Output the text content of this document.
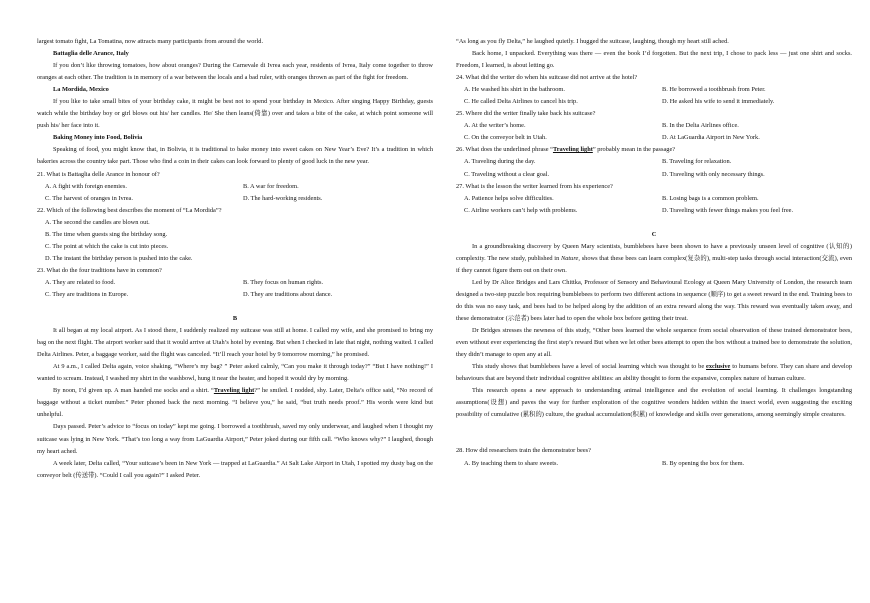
largest tomato fight, La Tomatina, now attracts many participants from around the world.

Battaglia delle Arance, Italy

If you don’t like throwing tomatoes, how about oranges? During the Carnevale di Ivrea each year, residents of Ivrea, Italy come together to throw oranges at each other. The tradition is in memory of a war between the locals and a bad ruler, with oranges thrown as part of the fight for freedom.

La Mordida, Mexico

If you like to take small bites of your birthday cake, it might be best not to spend your birthday in Mexico. After singing Happy Birthday, guests watch while the birthday boy or girl blows out his/ her candles. He/ She then leans(倚靠) over and takes a bite of the cake, at which point someone will push his/ her face into it.

Baking Money into Food, Bolivia

Speaking of food, you might know that, in Bolivia, it is traditional to bake money into sweet cakes on New Year’s Eve? It’s a tradition in which bakeries across the country take part. Those who find a coin in their cakes can look forward to plenty of good luck in the new year.

21. What is Battaglia delle Arance in honour of?

A. A fight with foreign enemies.	B. A war for freedom.

C. The harvest of oranges in Ivrea.	D. The hard-working residents.

22. Which of the following best describes the moment of “La Mordida”?

A. The second the candles are blown out.

B. The time when guests sing the birthday song.

C. The point at which the cake is cut into pieces.

D. The instant the birthday person is pushed into the cake.

23. What do the four traditions have in common?

A. They are related to food.	B. They focus on human rights.

C. They are traditions in Europe.	D. They are traditions about dance.

B

It all began at my local airport. As I stood there, I suddenly realized my suitcase was still at home. I called my wife, and she promised to bring my bag on the next flight. The airport worker said that it would arrive at Utah’s hotel by evening. But when I checked in late that night, nothing waited. I called Delta Airlines. Peter, a baggage worker, said the flight was canceled. “It’ll reach your hotel by 9 tomorrow morning,” he promised.

At 9 a.m., I called Delta again, voice shaking, “Where’s my bag? ” Peter asked calmly, “Can you make it through today?” “But I have nothing!” I wanted to scream. Instead, I washed my shirt in the washbowl, hung it near the heater, and hoped it would dry by morning.

By noon, I’d given up. A man handed me socks and a shirt. “Traveling light?” he smiled. I nodded, shy. Later, Delta’s office said, “No record of baggage without a ticket number.” Peter phoned back the next morning. “I believe you,” he said, “but truth needs proof.” His words were kind but unhelpful.

Days passed. Peter’s advice to “focus on today” kept me going. I borrowed a toothbrush, saved my only underwear, and laughed when I thought my suitcase was lying in New York. “That’s too long a way from LaGuardia Airport,” Peter joked during our fifth call. “Who knows why?” I laughed, though my heart ached.

A week later, Delta called, “Your suitcase’s been in New York — trapped at LaGuardia.” At Salt Lake Airport in Utah, I spotted my dusty bag on the conveyor belt (传送带). “Could I call you again?” I asked Peter.

“As long as you fly Delta,” he laughed quietly. I hugged the suitcase, laughing, though my heart still ached.

Back home, I unpacked. Everything was there — even the book I’d forgotten. But the next trip, I chose to pack less — just one shirt and socks. Freedom, I learned, is about letting go.

24. What did the writer do when his suitcase did not arrive at the hotel?

A. He washed his shirt in the bathroom.	B. He borrowed a toothbrush from Peter.

C. He called Delta Airlines to cancel his trip.	D. He asked his wife to send it immediately.

25. Where did the writer finally take back his suitcase?

A. At the writer’s home.	B. In the Delta Airlines office.

C. On the conveyor belt in Utah.	D. At LaGuardia Airport in New York.

26. What does the underlined phrase “Traveling light” probably mean in the passage?

A. Traveling during the day.	B. Traveling for relaxation.

C. Traveling without a clear goal.	D. Traveling with only necessary things.

27. What is the lesson the writer learned from his experience?

A. Patience helps solve difficulties.	B. Losing bags is a common problem.

C. Airline workers can’t help with problems.	D. Traveling with fewer things makes you feel free.

C

In a groundbreaking discovery by Queen Mary scientists, bumblebees have been shown to have a previously unseen level of cognitive (认知的) complexity. The new study, published in Nature, shows that these bees can learn complex(复杂的), multi-step tasks through social interaction(交流), even if they cannot figure them out on their own.

Led by Dr Alice Bridges and Lars Chittka, Professor of Sensory and Behavioural Ecology at Queen Mary University of London, the research team designed a two-step puzzle box requiring bumblebees to perform two different actions in sequence (顺序) to get a sweet reward in the end. Training bees to do this was no easy task, and bees had to be helped along by the addition of an extra reward along the way. This reward was eventually taken away, and these demonstrator (示范者) bees later had to open the whole box before getting their treat.

Dr Bridges stresses the newness of this study, “Other bees learned the whole sequence from social observation of these trained demonstrator bees, even without ever experiencing the first step’s reward But when we let other bees attempt to open the box without a trained bee to demonstrate the solution, they didn’t manage to open any at all.

This study shows that bumblebees have a level of social learning which was thought to be exclusive to humans before. They can share and develop behaviours that are beyond their individual cognitive abilities: an ability thought to form the expansive, complex nature of human culture.

This research opens a new approach to understanding animal intelligence and the evolution of social learning. It challenges longstanding assumptions(设想) and paves the way for further exploration of the cognitive wonders hidden within the insect world, even suggesting the exciting possibility of cumulative (累积的) culture, the gradual accumulation(积累) of knowledge and skills over generations, among seemingly simple creatures.

28. How did researchers train the demonstrator bees?

A. By teaching them to share sweets.	B. By opening the box for them.
